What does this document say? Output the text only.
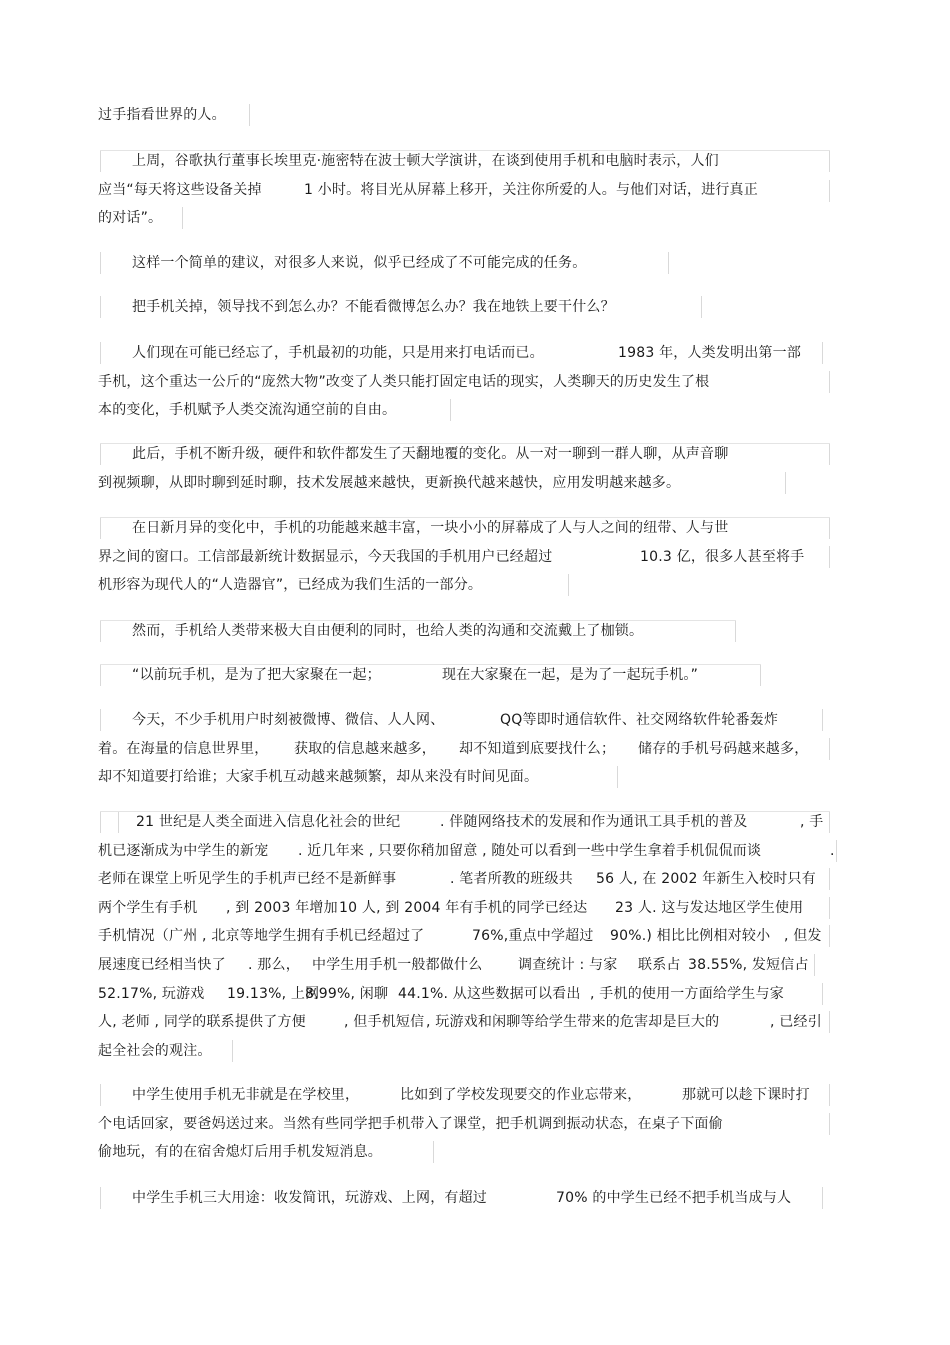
过手指看世界的人。
上周，谷歌执行董事长埃里克·施密特在波士顿大学演讲，在谈到使用手机和电脑时表示，人们
应当“每天将这些设备关掉	1 小时。将目光从屏幕上移开，关注你所爱的人。与他们对话，进行真正
的对话”。
这样一个简单的建议，对很多人来说，似乎已经成了不可能完成的任务。
把手机关掉，领导找不到怎么办？不能看微博怎么办？我在地铁上要干什么？
人们现在可能已经忘了，手机最初的功能，只是用来打电话而已。	1983 年，人类发明出第一部
手机，这个重达一公斤的“庞然大物”改变了人类只能打固定电话的现实，人类聊天的历史发生了根
本的变化，手机赋予人类交流沟通空前的自由。
此后，手机不断升级，硬件和软件都发生了天翻地覆的变化。从一对一聊到一群人聊，从声音聊
到视频聊，从即时聊到延时聊，技术发展越来越快，更新换代越来越快，应用发明越来越多。
在日新月异的变化中，手机的功能越来越丰富，一块小小的屏幕成了人与人之间的纽带、人与世
界之间的窗口。工信部最新统计数据显示，今天我国的手机用户已经超过	10.3 亿，很多人甚至将手
机形容为现代人的“人造器官”，已经成为我们生活的一部分。
然而，手机给人类带来极大自由便利的同时，也给人类的沟通和交流戴上了枷锁。
“以前玩手机，是为了把大家聚在一起；	现在大家聚在一起，是为了一起玩手机。”
今天，不少手机用户时刻被微博、微信、人人网、	QQ等即时通信软件、社交网络软件轮番轰炸
着。在海量的信息世界里， 获取的信息越来越多， 却不知道到底要找什么； 储存的手机号码越来越多，
却不知道要打给谁；大家手机互动越来越频繁，却从来没有时间见面。
21 世纪是人类全面进入信息化社会的世纪	. 伴随网络技术的发展和作为通讯工具手机的普及	, 手
机已逐渐成为中学生的新宠 . 近几年来 , 只要你稍加留意 , 随处可以看到一些中学生拿着手机侃侃而谈	.
老师在课堂上听见学生的手机声已经不是新鲜事	. 笔者所教的班级共 56 人, 在 2002 年新生入校时只有
两个学生有手机 , 到 2003 年增加 10 人, 到 2004 年有手机的同学已经达 23 人. 这与发达地区学生使用
手机情况（广州 , 北京等地学生拥有手机已经超过了	76%,重点中学超过 90%.) 相比比例相对较小 , 但发
展速度已经相当快了 . 那么， 中学生用手机一般都做什么	调查统计 : 与家 联系占 38.55%, 发短信占
52.17%, 玩游戏 19.13%, 上网
8.99%, 闲聊 44.1%. 从这些数据可以看出 , 手机的使用一方面给学生与家
人, 老师 , 同学的联系提供了方便	, 但手机短信 , 玩游戏和闲聊等给学生带来的危害却是巨大的	, 已经引
起全社会的观注。
中学生使用手机无非就是在学校里，	比如到了学校发现要交的作业忘带来，	那就可以趁下课时打
个电话回家，要爸妈送过来。当然有些同学把手机带入了课堂，把手机调到振动状态，在桌子下面偷
偷地玩，有的在宿舍熄灯后用手机发短消息。
中学生手机三大用途：收发简讯，玩游戏、上网，有超过	70% 的中学生已经不把手机当成与人
